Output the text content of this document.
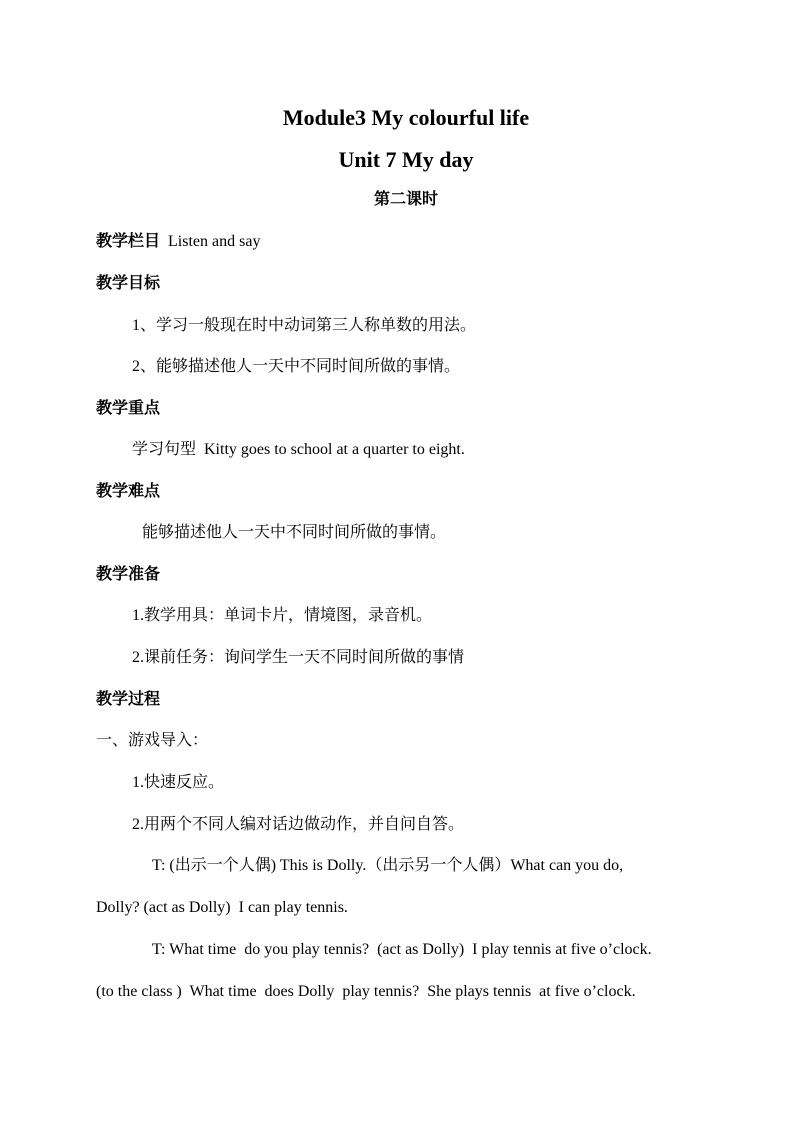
Module3 My colourful life
Unit 7 My day
第二课时
教学栏目 Listen and say
教学目标
1、学习一般现在时中动词第三人称单数的用法。
2、能够描述他人一天中不同时间所做的事情。
教学重点
学习句型  Kitty goes to school at a quarter to eight.
教学难点
能够描述他人一天中不同时间所做的事情。
教学准备
1.教学用具：单词卡片，情境图，录音机。
2.课前任务：询问学生一天不同时间所做的事情
教学过程
一、游戏导入：
1.快速反应。
2.用两个不同人编对话边做动作，并自问自答。
T: (出示一个人偶) This is Dolly.（出示另一个人偶）What can you do,
Dolly? (act as Dolly)  I can play tennis.
T: What time  do you play tennis?  (act as Dolly)  I play tennis at five o’clock.
(to the class )  What time  does Dolly  play tennis?  She plays tennis  at five o’clock.
